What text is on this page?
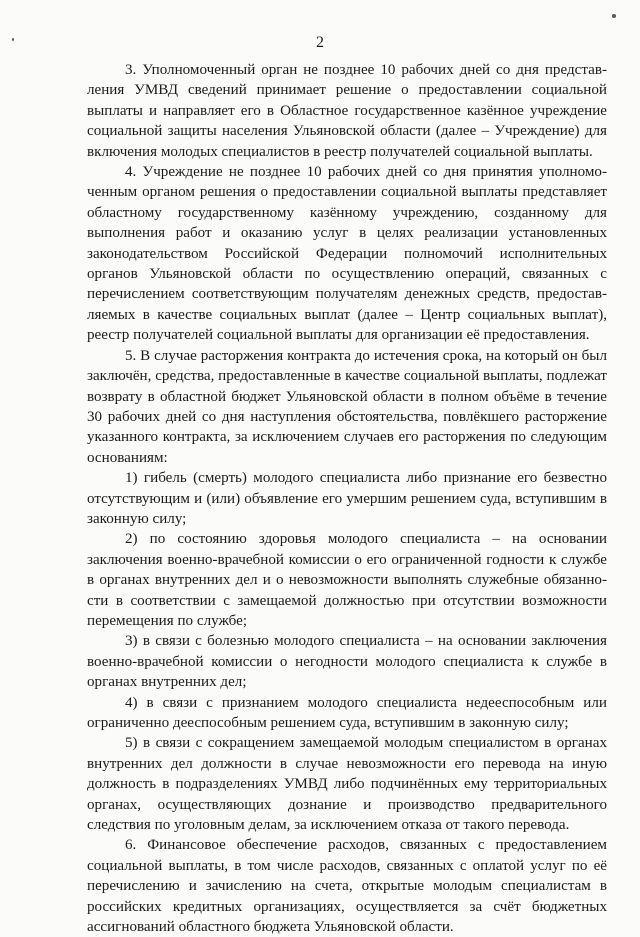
2

3. Уполномоченный орган не позднее 10 рабочих дней со дня представления УМВД сведений принимает решение о предоставлении социальной выплаты и направляет его в Областное государственное казённое учреждение социальной защиты населения Ульяновской области (далее – Учреждение) для включения молодых специалистов в реестр получателей социальной выплаты.

4. Учреждение не позднее 10 рабочих дней со дня принятия уполномоченным органом решения о предоставлении социальной выплаты представляет областному государственному казённому учреждению, созданному для выполнения работ и оказанию услуг в целях реализации установленных законодательством Российской Федерации полномочий исполнительных органов Ульяновской области по осуществлению операций, связанных с перечислением соответствующим получателям денежных средств, предоставляемых в качестве социальных выплат (далее – Центр социальных выплат), реестр получателей социальной выплаты для организации её предоставления.

5. В случае расторжения контракта до истечения срока, на который он был заключён, средства, предоставленные в качестве социальной выплаты, подлежат возврату в областной бюджет Ульяновской области в полном объёме в течение 30 рабочих дней со дня наступления обстоятельства, повлёкшего расторжение указанного контракта, за исключением случаев его расторжения по следующим основаниям:

1) гибель (смерть) молодого специалиста либо признание его безвестно отсутствующим и (или) объявление его умершим решением суда, вступившим в законную силу;

2) по состоянию здоровья молодого специалиста – на основании заключения военно-врачебной комиссии о его ограниченной годности к службе в органах внутренних дел и о невозможности выполнять служебные обязанности в соответствии с замещаемой должностью при отсутствии возможности перемещения по службе;

3) в связи с болезнью молодого специалиста – на основании заключения военно-врачебной комиссии о негодности молодого специалиста к службе в органах внутренних дел;

4) в связи с признанием молодого специалиста недееспособным или ограниченно дееспособным решением суда, вступившим в законную силу;

5) в связи с сокращением замещаемой молодым специалистом в органах внутренних дел должности в случае невозможности его перевода на иную должность в подразделениях УМВД либо подчинённых ему территориальных органах, осуществляющих дознание и производство предварительного следствия по уголовным делам, за исключением отказа от такого перевода.

6. Финансовое обеспечение расходов, связанных с предоставлением социальной выплаты, в том числе расходов, связанных с оплатой услуг по её перечислению и зачислению на счета, открытые молодым специалистам в российских кредитных организациях, осуществляется за счёт бюджетных ассигнований областного бюджета Ульяновской области.
